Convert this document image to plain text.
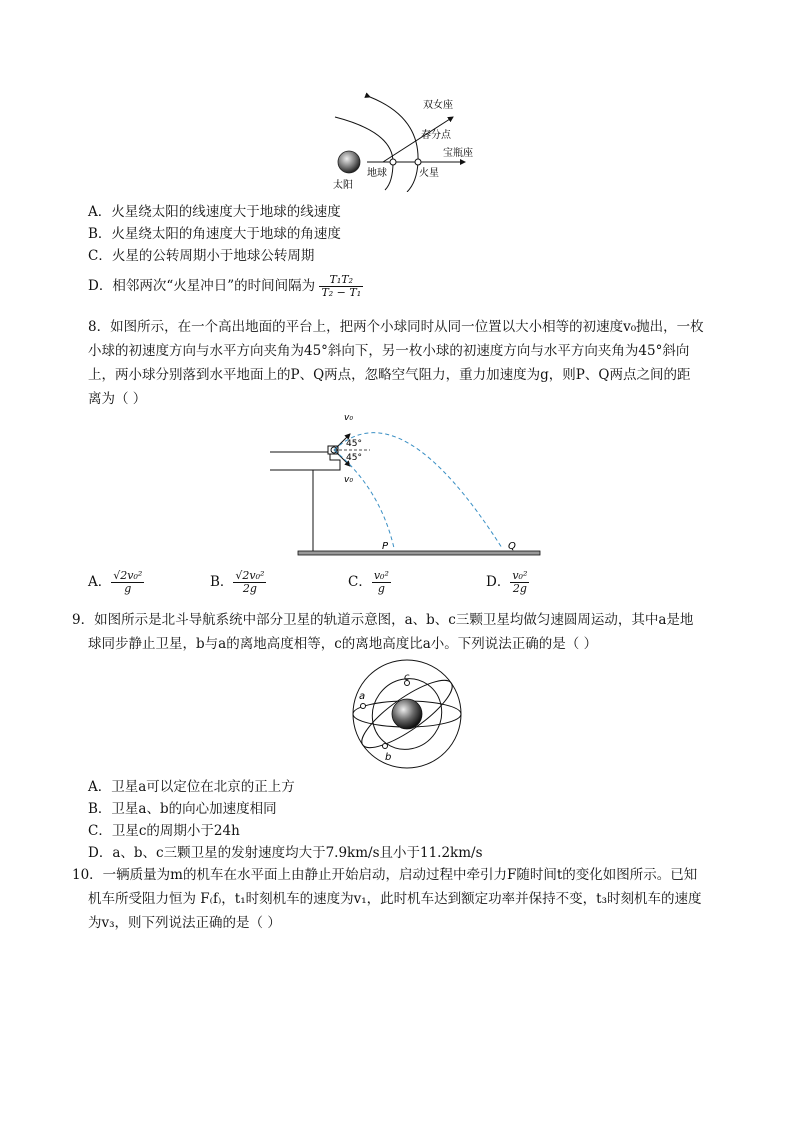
双女座
春分点
宝瓶座
太阳
地球	火星
A．火星绕太阳的线速度大于地球的线速度
B．火星绕太阳的角速度大于地球的角速度
C．火星的公转周期小于地球公转周期
D．相邻两次“火星冲日”的时间间隔为 $\frac{\text{T₁T₂}}{\text{T₂ − T₁}}$
8．如图所示，在一个高出地面的平台上，把两个小球同时从同一位置以大小相等的初速度v₀抛出，一枚
小球的初速度方向与水平方向夹角为45°斜向下，另一枚小球的初速度方向与水平方向夹角为45°斜向
上，两小球分别落到水平地面上的P、Q两点，忽略空气阻力，重力加速度为g，则P、Q两点之间的距
离为（ ）
v₀
v₀
45°
45°
P	Q
A． $\frac{\text{√2v₀²}}{g}$	B． $\frac{\text{√2v₀²}}{2g}$	C． $\frac{\text{v₀²}}{g}$	D． $\frac{\text{v₀²}}{2g}$
9．如图所示是北斗导航系统中部分卫星的轨道示意图，a、b、c三颗卫星均做匀速圆周运动，其中a是地
球同步静止卫星，b与a的离地高度相等，c的离地高度比a小。下列说法正确的是（ ）
a
b
c
A．卫星a可以定位在北京的正上方
B．卫星a、b的向心加速度相同
C．卫星c的周期小于24h
D．a、b、c三颗卫星的发射速度均大于7.9km/s且小于11.2km/s
10．一辆质量为m的机车在水平面上由静止开始启动，启动过程中牵引力F随时间t的变化如图所示。已知
机车所受阻力恒为 F₍f₎，t₁时刻机车的速度为v₁，此时机车达到额定功率并保持不变，t₃时刻机车的速度
为v₃，则下列说法正确的是（ ）
